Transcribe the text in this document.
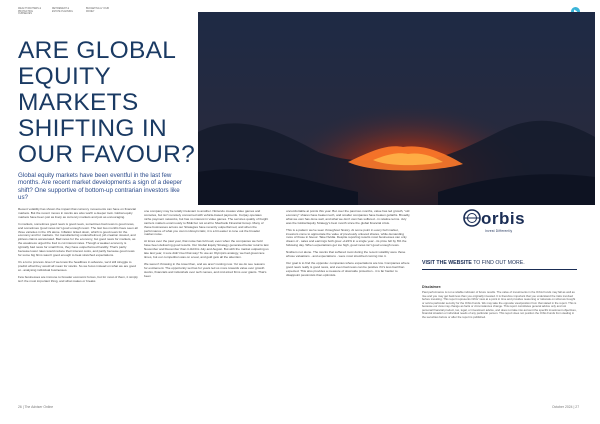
WEALTH MATTERS & PROTECTING OURSELVES
RETIREMENT & ESTATE PLANNING
BUDGETING & YOUR MONEY
ARE GLOBAL EQUITY MARKETS SHIFTING IN OUR FAVOUR?
Global equity markets have been eventful in the last few months. Are recent market developments a sign of a deeper shift? One supportive of bottom-up contrarian investors like us?

Recent volatility has shown the impact that currency movements can have on financial markets. But the recent moves in stocks are also worth a deeper look. Global equity markets have been just as lively as currency markets and just as encouraging.

In markets, sometimes good news is good news, sometimes bad news is good news, and sometimes 'good news isn't good enough news'. The last two months have seen all three varieties in the US alone. Inflation ticked down, which is good news for the economy and for markets. Yet manufacturing underwhelmed, job creation slowed, and jobless claims accelerated. Bad news for the economy, but good news for markets, as the weakness urged the Fed to cut interest rates. Though a weaker economy is typically bad news for small firms, they have outperformed handily. That's partly because lower rates would reduce their interest costs, and partly because good news for some big firms wasn't good enough to beat stretched expectations.

It's a lot to process. Even if we knew the headlines in advance, we'd still struggle to predict what they would all mean for stocks. So we focus instead on what we are good at - analysing individual businesses.

Few businesses are immune to broader economic forces, but for most of them, it simply isn't the most important thing, and what makes or breaks

one company may be totally irrelevant to another. Nintendo creates video games and consoles, but isn't remotely concerned with vehicle-based payments. Corpay operates niche payment networks, but has no interest in video games. The services quality of freight carriers matters enormously to BAE but not at all to Sberbank Financial Group. Many of these businesses across our Strategies have recently outperformed, and when the performance of what you own is idiosyncratic, it is a bit easier to tune out the broader market noise.

At times over the past year, that noise has felt loud, even when the companies we hold have been delivering good results. Our Global Equity Strategy generated better returns last November and December than it did this July and August. But with the market outpacing us late last year, it sure didn't feel that way! To use an Olympics analogy, we had great race times, but our competition was on a tear, and gold gets all the attention.

We weren't throwing in the towel then, and we aren't resting now. Yet we do see reasons for excitement. The opportunity set has for years led us more towards value over growth stocks, financials and industrials over tech names, and mid-sized firms over giants. That's been

uncomfortable at points this year. But over the past two months, value has led growth, "old economy" shares have beaten tech, and smaller companies have beaten goliaths. Broadly, what we own has done well, and what we don't own has suffered - in relative terms. July was the Global Equity Strategy's best month since the global financial crisis.

This is a pattern we've seen throughout history. At some point in every bull market, investors come to appreciate the value of previously unloved shares, while demanding more of those in favour. Take Nvidia. Despite reporting results most businesses can only dream of - sales and earnings both grew +122% in a single year - its price fell by 6% the following day. When expectations get too high, good news isn't good enough news.

Nvidia is not alone. The stocks that suffered most during the recent volatility were those whose valuations - and expectations - were most stretched coming into it.

Our goal is to find the opposite: companies where expectations are low. Companies where good news really is good news, and even bad news can be positive if it's less bad than expected. This also provides a measure of downside protection - it is far harder to disappoint pessimists than optimists.

orbis
Invest Differently
VISIT THE WEBSITE TO FIND OUT MORE.
Disclaimer:
Past performance is not a reliable indicator of future results. The value of investments in the Orbis Funds may fall as well as rise and you may get back less than you originally invested. It is therefore important that you understand the risks involved before investing. This report represents Orbis' view at a point in time and provides reasoning or rationale on what we bought or sold a particular security for the Orbis Funds. We may take the opposite view/position from that stated in the report. This is because our view may change as facts or circumstances change. This report constitutes general advice only and not personal financial product, tax, legal, or investment advice, and does not take into account the specific investment objectives, financial situation or individual needs of any particular person. This report does not position the Orbis Funds from dealing in the securities before or after the report is published.
26 | The Adviser Online	October 2024 | 27
